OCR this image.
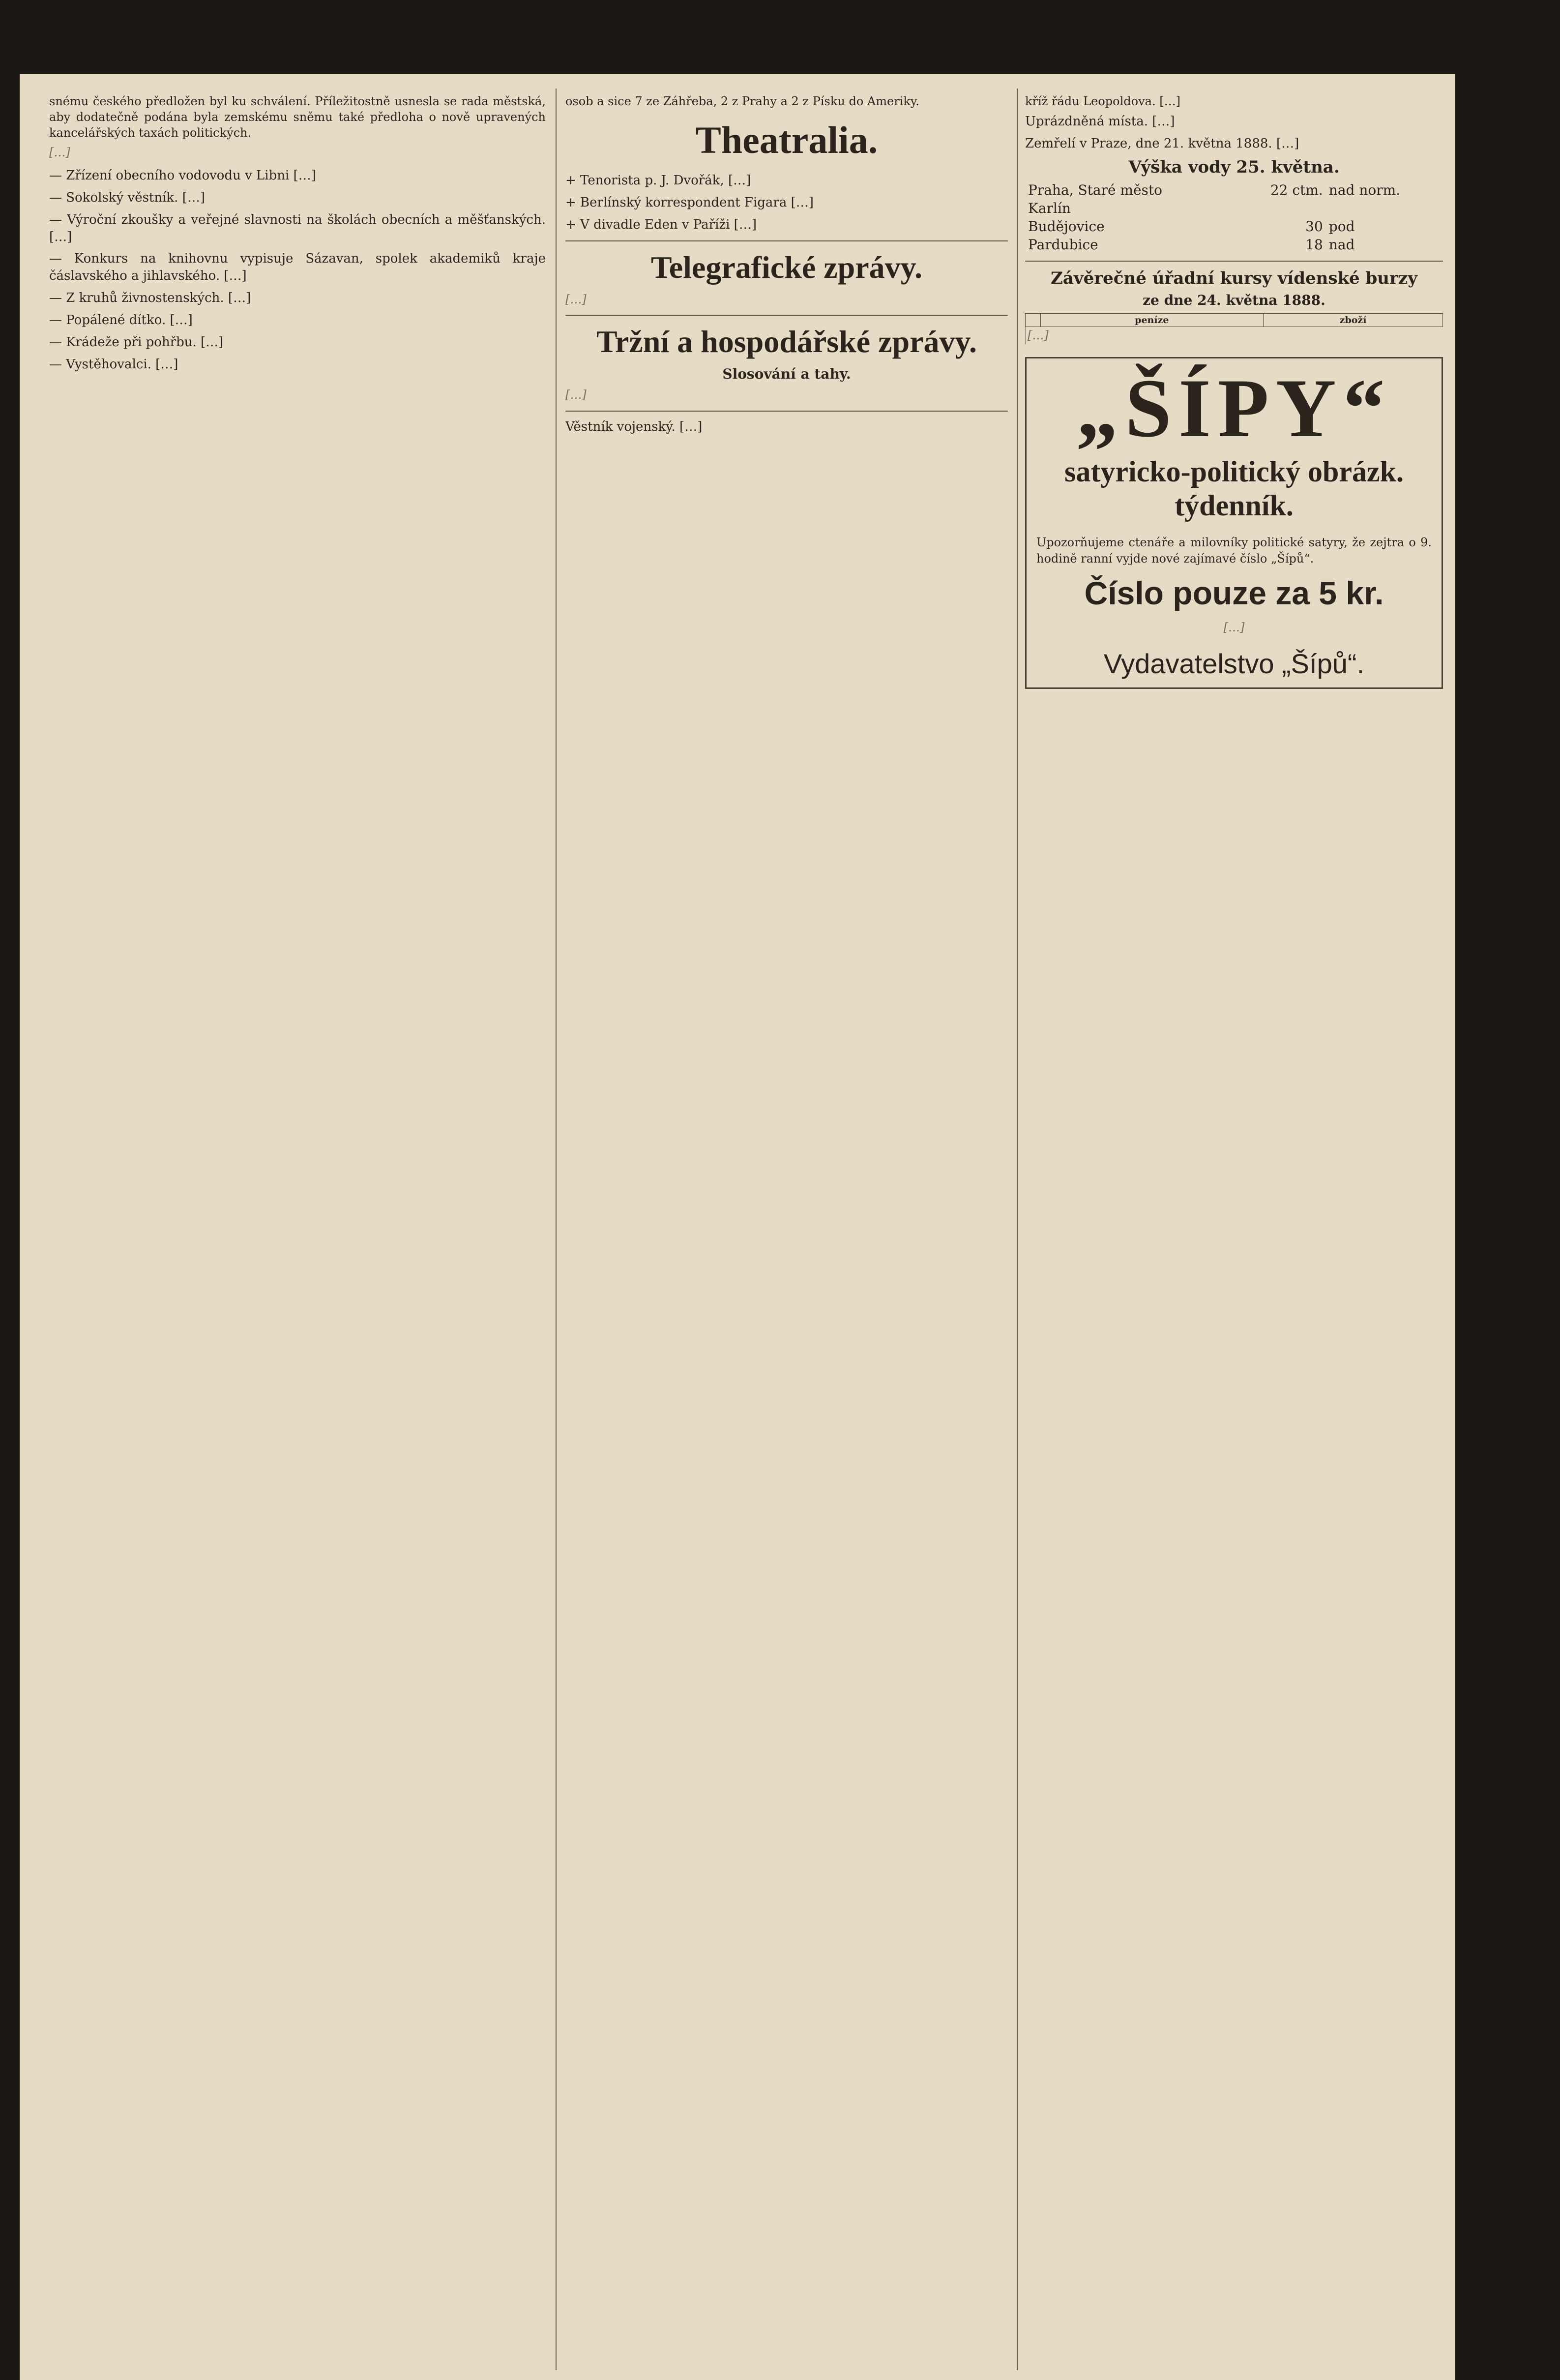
snému českého předložen byl ku schválení. Příležitostně usnesla se rada městská, aby dodatečně podána byla zemskému sněmu také předloha o nově upravených kancelářských taxách politických.

[…]

— Zřízení obecního vodovodu v Libni […]

— Sokolský věstník. […]

— Výroční zkoušky a veřejné slavnosti na školách obecních a měšťanských. […]

— Konkurs na knihovnu vypisuje Sázavan, spolek akademiků kraje čáslavského a jihlavského. […]

— Z kruhů živnostenských. […]

— Popálené dítko. […]

— Krádeže při pohřbu. […]

— Vystěhovalci. […]

osob a sice 7 ze Záhřeba, 2 z Prahy a 2 z Písku do Ameriky.

Theatralia.

+ Tenorista p. J. Dvořák, […]

+ Berlínský korrespondent Figara […]

+ V divadle Eden v Paříži […]

Telegrafické zprávy.

[…]

Tržní a hospodářské zprávy.
Slosování a tahy.

[…]

Věstník vojenský. […]

kříž řádu Leopoldova. […]

Uprázdněná místa. […]

Zemřelí v Praze, dne 21. května 1888. […]

Výška vody 25. května.
Praha, Staré město	22 ctm.	nad norm.
Karlín		
Budějovice	30	pod
Pardubice	18	nad
Závěrečné úřadní kursy vídenské burzy
ze dne 24. května 1888.
	peníze	zboží
[…]

„ŠÍPY“

satyricko-politický obrázk. týdenník.

Upozorňujeme ctenáře a milovníky politické satyry, že zejtra o 9. hodině ranní vyjde nové zajímavé číslo „Šípů“.

Číslo pouze za 5 kr.

[…]

Vydavatelstvo „Šípů“.
